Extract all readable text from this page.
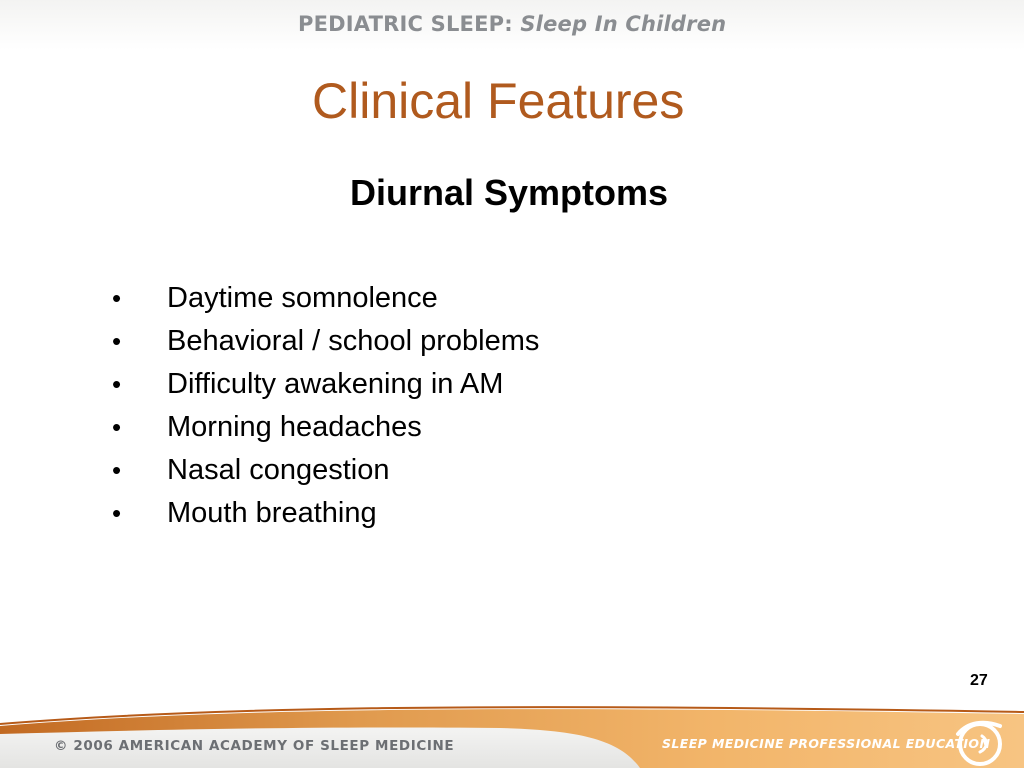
PEDIATRIC SLEEP: Sleep In Children
Clinical Features
Diurnal Symptoms
• Daytime somnolence
• Behavioral / school problems
• Difficulty awakening in AM
• Morning headaches
• Nasal congestion
• Mouth breathing
27
© 2006 AMERICAN ACADEMY OF SLEEP MEDICINE	SLEEP MEDICINE PROFESSIONAL EDUCATION
